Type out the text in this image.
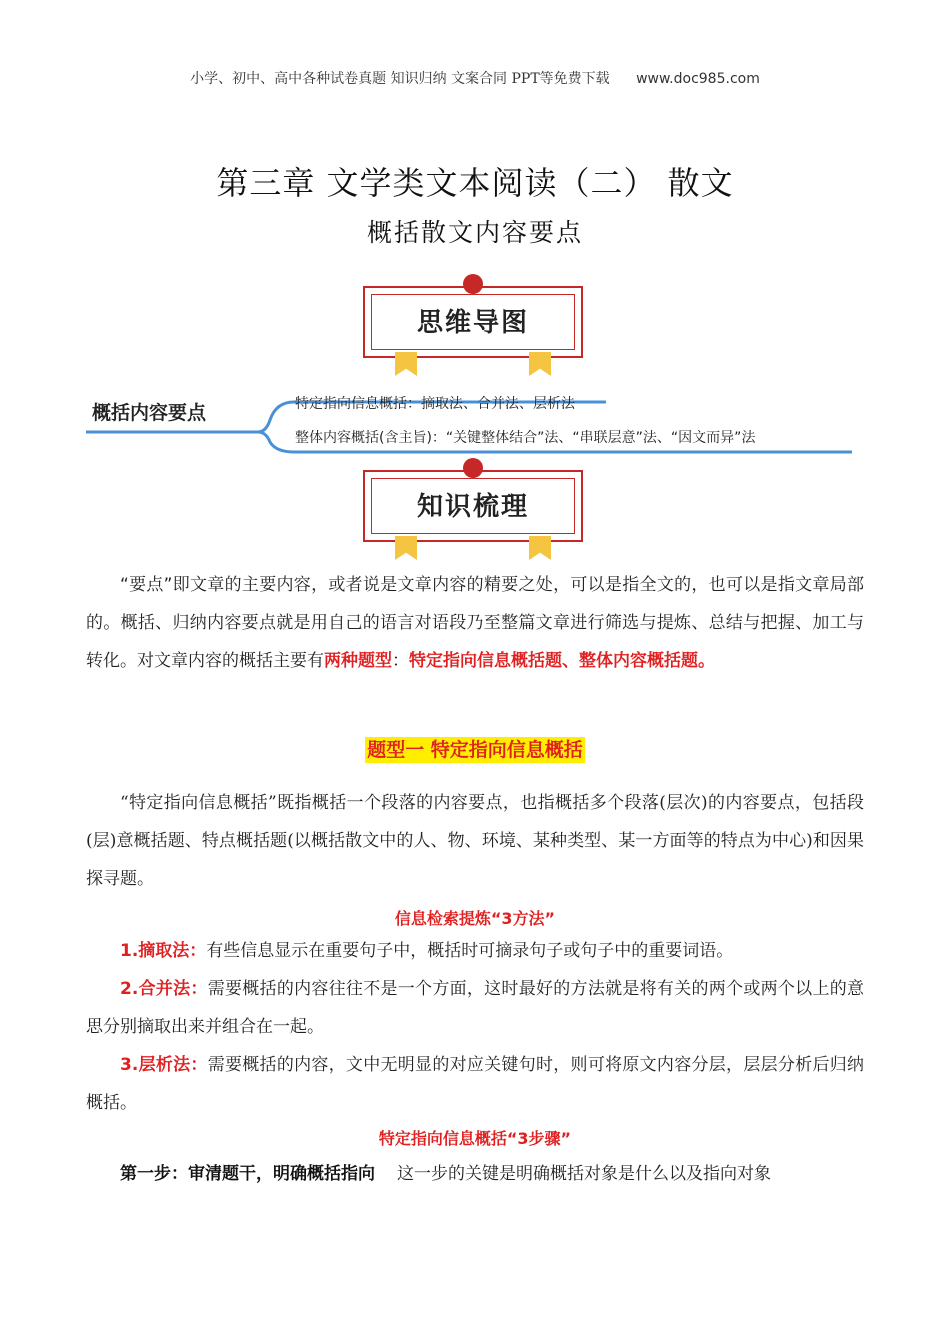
小学、初中、高中各种试卷真题 知识归纳 文案合同 PPT等免费下载 www.doc985.com
第三章 文学类文本阅读（二） 散文
概括散文内容要点
思维导图
概括内容要点	特定指向信息概括：摘取法、合并法、层析法
整体内容概括(含主旨)：“关键整体结合”法、“串联层意”法、“因文而异”法
知识梳理

“要点”即文章的主要内容，或者说是文章内容的精要之处，可以是指全文的，也可以是指文章局部的。概括、归纳内容要点就是用自己的语言对语段乃至整篇文章进行筛选与提炼、总结与把握、加工与转化。对文章内容的概括主要有两种题型：特定指向信息概括题、整体内容概括题。

题型一 特定指向信息概括

“特定指向信息概括”既指概括一个段落的内容要点，也指概括多个段落(层次)的内容要点，包括段(层)意概括题、特点概括题(以概括散文中的人、物、环境、某种类型、某一方面等的特点为中心)和因果探寻题。

信息检索提炼“3方法”

1.摘取法：有些信息显示在重要句子中，概括时可摘录句子或句子中的重要词语。

2.合并法：需要概括的内容往往不是一个方面，这时最好的方法就是将有关的两个或两个以上的意思分别摘取出来并组合在一起。

3.层析法：需要概括的内容，文中无明显的对应关键句时，则可将原文内容分层，层层分析后归纳概括。

特定指向信息概括“3步骤”

第一步：审清题干，明确概括指向 这一步的关键是明确概括对象是什么以及指向对象
